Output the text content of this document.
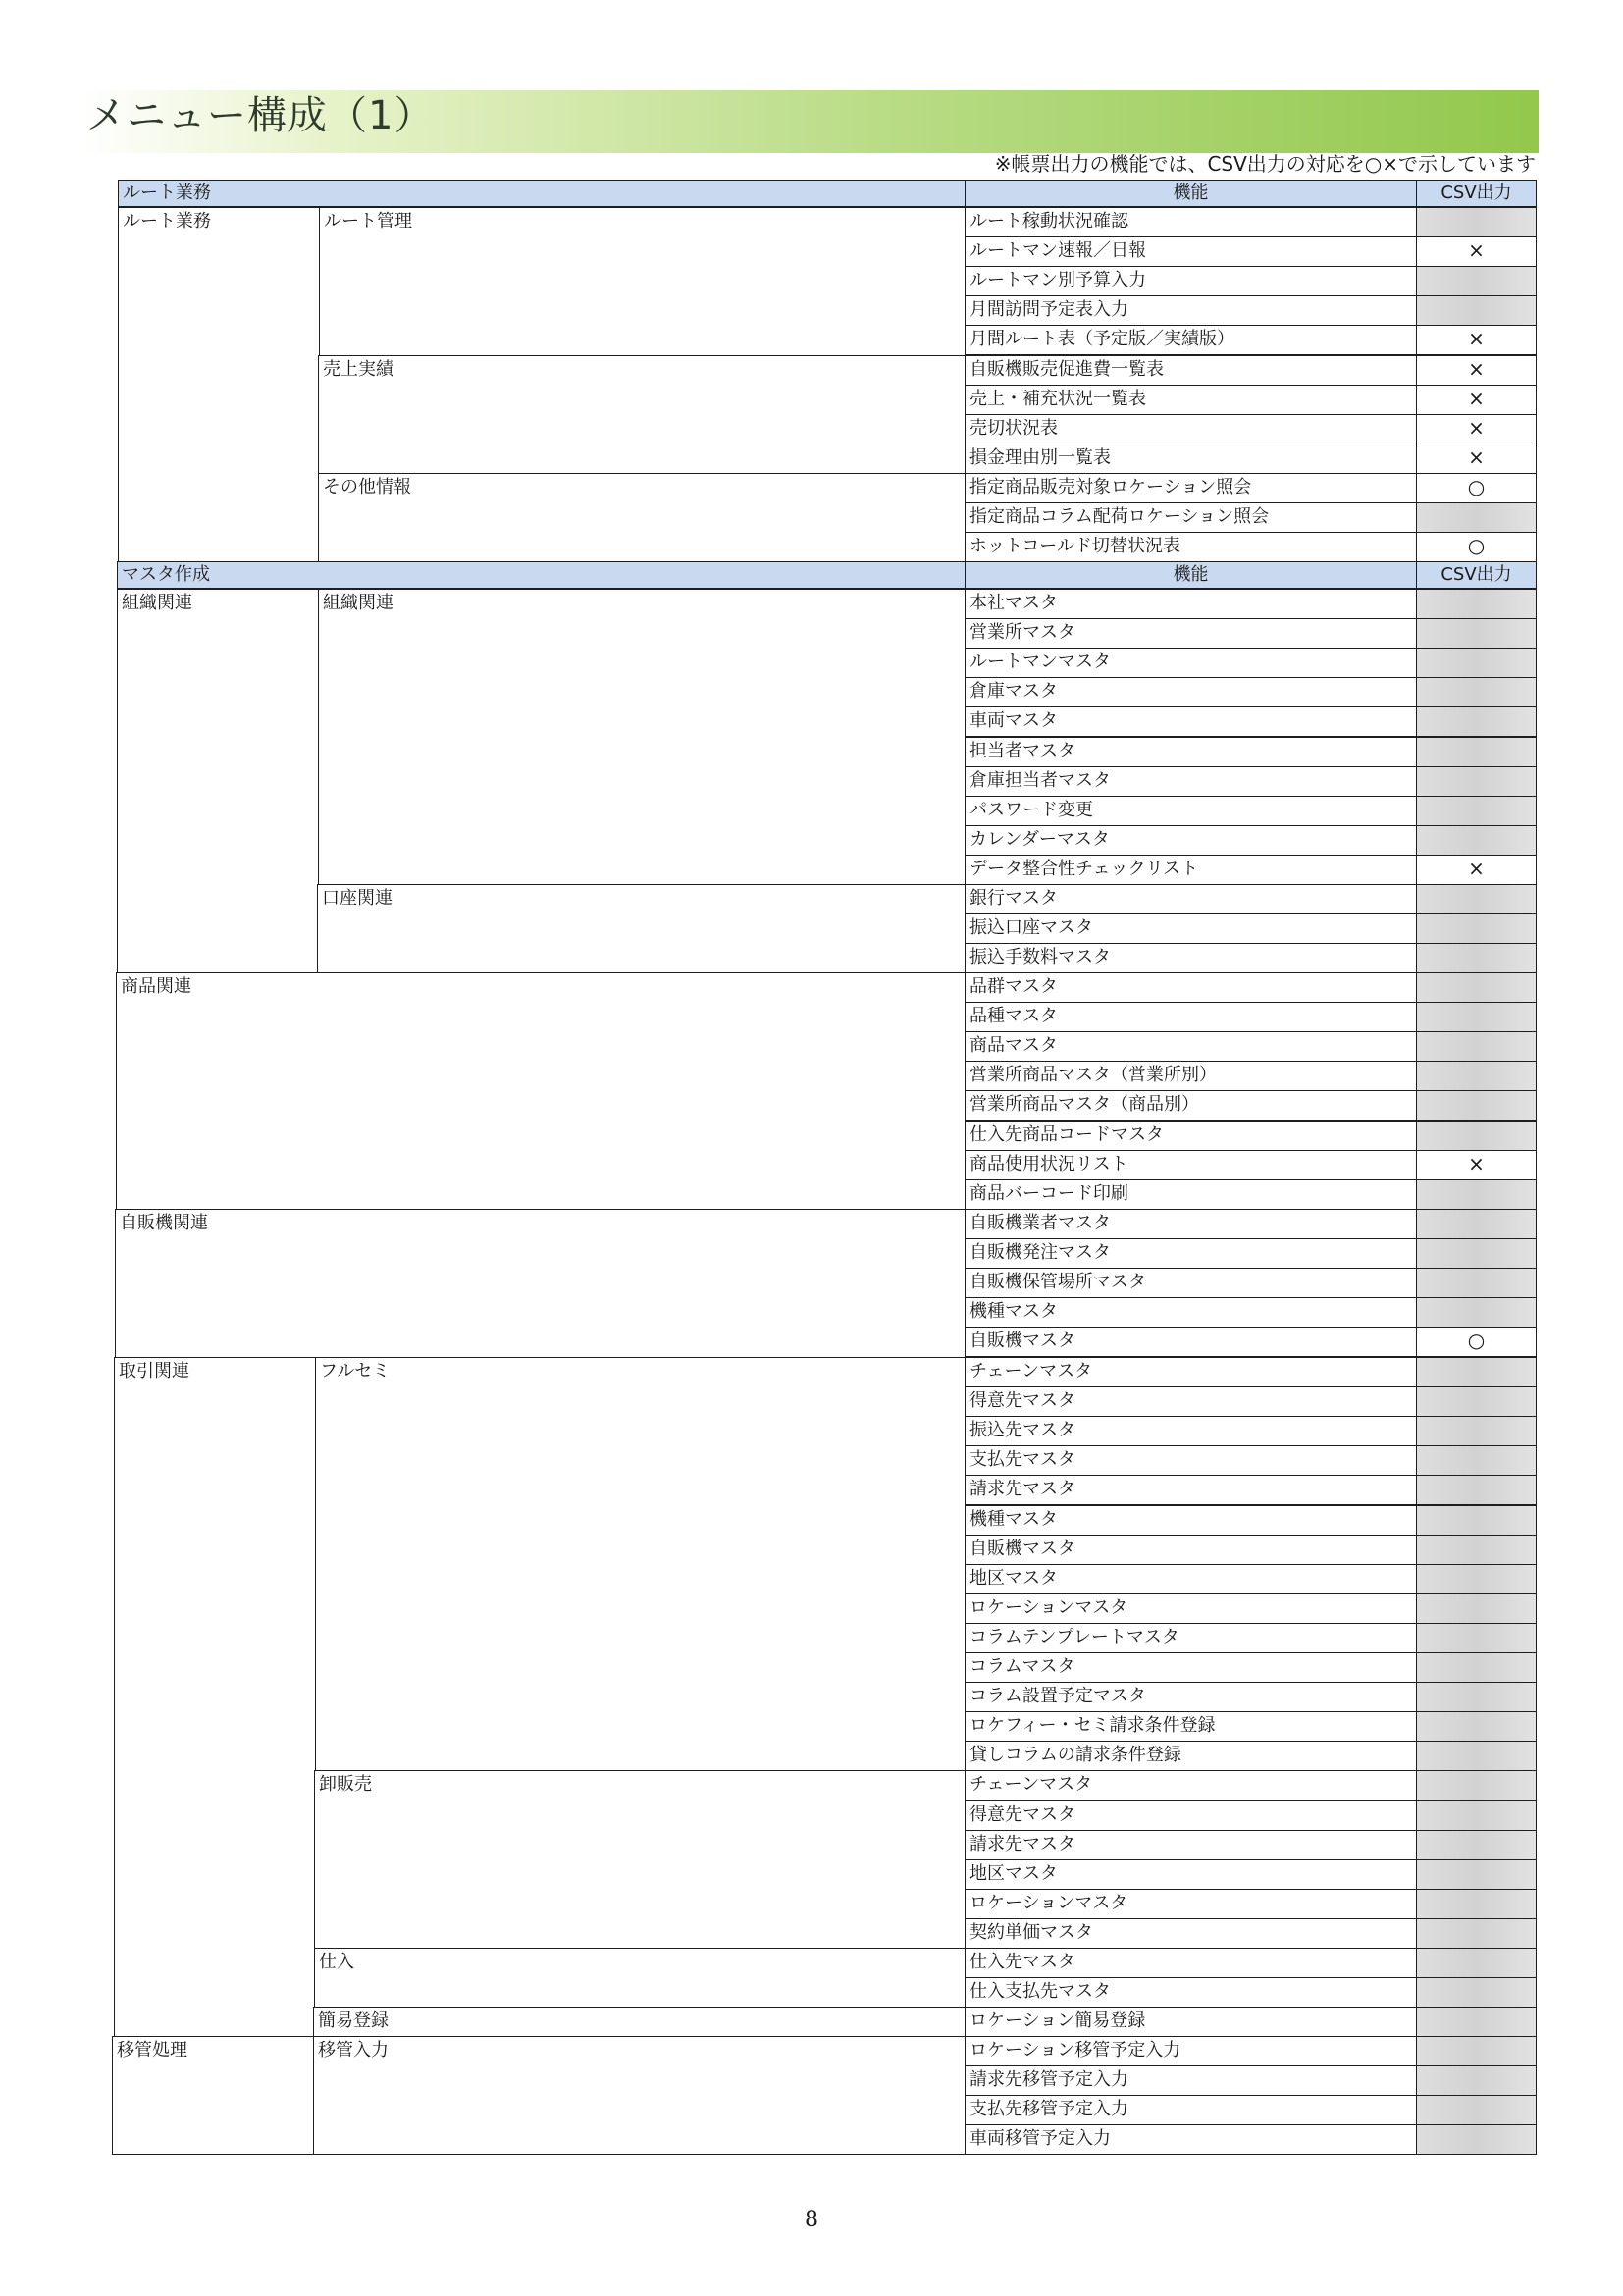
メニュー構成（1）
※帳票出力の機能では、CSV出力の対応を○×で示しています
ルート業務	機能	CSV出力
ルート業務	ルート管理	ルート稼動状況確認
ルートマン速報／日報	×
ルートマン別予算入力
月間訪問予定表入力
月間ルート表（予定版／実績版）	×
売上実績	自販機販売促進費一覧表	×
売上・補充状況一覧表	×
売切状況表	×
損金理由別一覧表	×
その他情報	指定商品販売対象ロケーション照会	○
指定商品コラム配荷ロケーション照会
ホットコールド切替状況表	○
マスタ作成	機能	CSV出力
組織関連	組織関連	本社マスタ
営業所マスタ
ルートマンマスタ
倉庫マスタ
車両マスタ
担当者マスタ
倉庫担当者マスタ
パスワード変更
カレンダーマスタ
データ整合性チェックリスト	×
口座関連	銀行マスタ
振込口座マスタ
振込手数料マスタ
商品関連	品群マスタ
品種マスタ
商品マスタ
営業所商品マスタ（営業所別）
営業所商品マスタ（商品別）
仕入先商品コードマスタ
商品使用状況リスト	×
商品バーコード印刷
自販機関連	自販機業者マスタ
自販機発注マスタ
自販機保管場所マスタ
機種マスタ
自販機マスタ	○
取引関連	フルセミ	チェーンマスタ
得意先マスタ
振込先マスタ
支払先マスタ
請求先マスタ
機種マスタ
自販機マスタ
地区マスタ
ロケーションマスタ
コラムテンプレートマスタ
コラムマスタ
コラム設置予定マスタ
ロケフィー・セミ請求条件登録
貸しコラムの請求条件登録
卸販売	チェーンマスタ
得意先マスタ
請求先マスタ
地区マスタ
ロケーションマスタ
契約単価マスタ
仕入	仕入先マスタ
仕入支払先マスタ
簡易登録	ロケーション簡易登録
移管処理	移管入力	ロケーション移管予定入力
請求先移管予定入力
支払先移管予定入力
車両移管予定入力
8
